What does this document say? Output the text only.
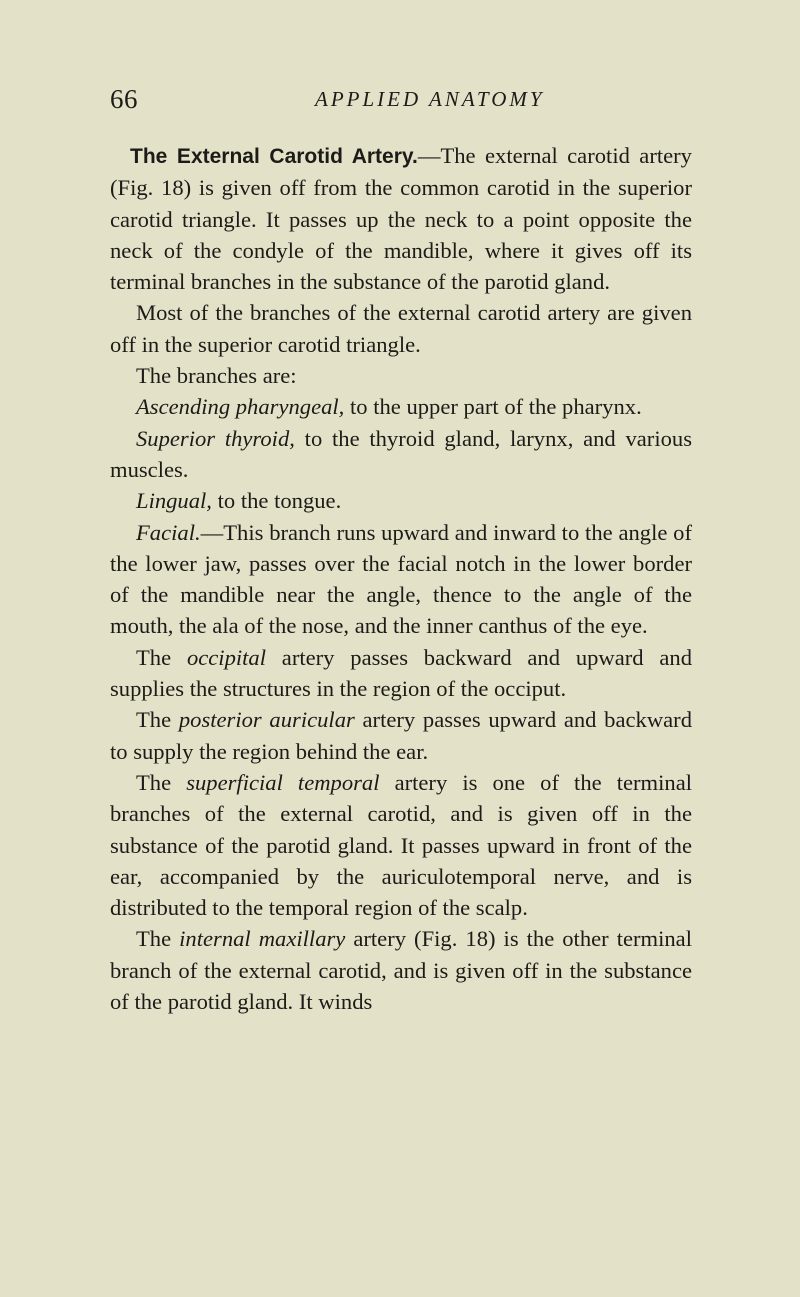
66	APPLIED ANATOMY

The External Carotid Artery.—The external carotid artery (Fig. 18) is given off from the common carotid in the superior carotid triangle. It passes up the neck to a point opposite the neck of the condyle of the mandible, where it gives off its terminal branches in the substance of the parotid gland.

Most of the branches of the external carotid artery are given off in the superior carotid triangle.

The branches are:

Ascending pharyngeal, to the upper part of the pharynx.

Superior thyroid, to the thyroid gland, larynx, and various muscles.

Lingual, to the tongue.

Facial.—This branch runs upward and inward to the angle of the lower jaw, passes over the facial notch in the lower border of the mandible near the angle, thence to the angle of the mouth, the ala of the nose, and the inner canthus of the eye.

The occipital artery passes backward and upward and supplies the structures in the region of the occiput.

The posterior auricular artery passes upward and backward to supply the region behind the ear.

The superficial temporal artery is one of the terminal branches of the external carotid, and is given off in the substance of the parotid gland. It passes upward in front of the ear, accompanied by the auriculotemporal nerve, and is distributed to the temporal region of the scalp.

The internal maxillary artery (Fig. 18) is the other terminal branch of the external carotid, and is given off in the substance of the parotid gland. It winds
